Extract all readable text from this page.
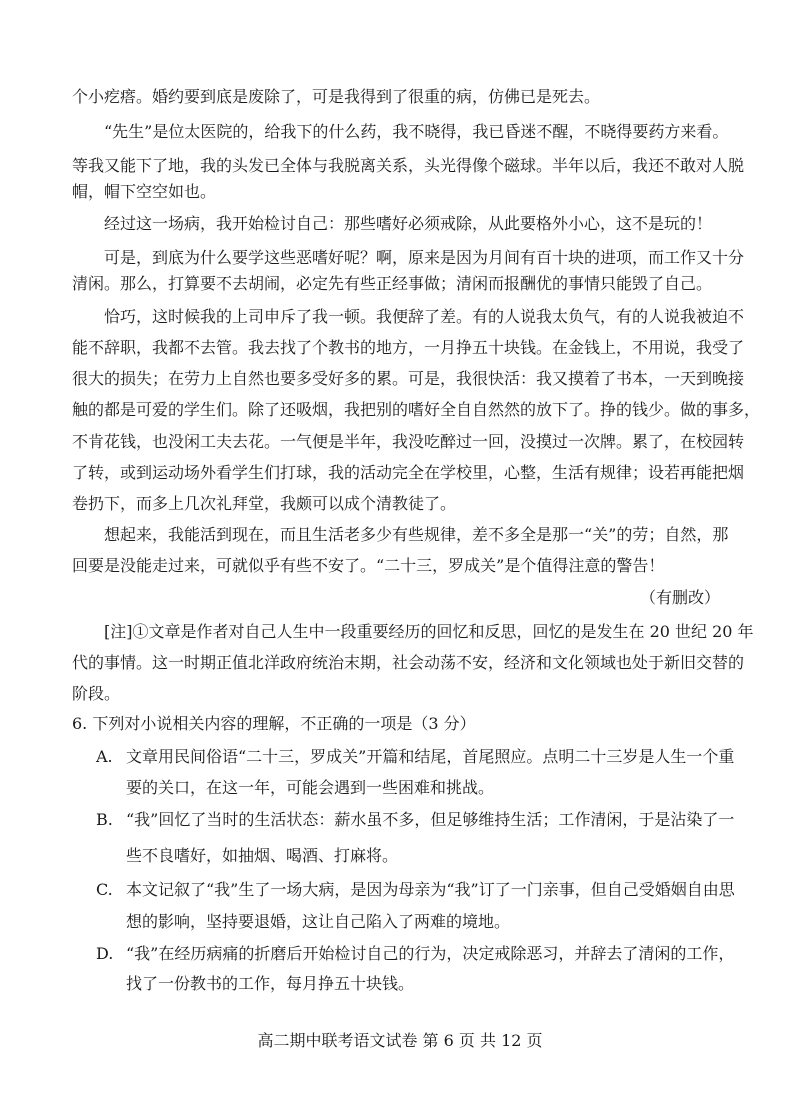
个小疙瘩。婚约要到底是废除了，可是我得到了很重的病，仿佛已是死去。
“先生”是位太医院的，给我下的什么药，我不晓得，我已昏迷不醒，不晓得要药方来看。
等我又能下了地，我的头发已全体与我脱离关系，头光得像个磁球。半年以后，我还不敢对人脱
帽，帽下空空如也。
经过这一场病，我开始检讨自己：那些嗜好必须戒除，从此要格外小心，这不是玩的！
可是，到底为什么要学这些恶嗜好呢？啊，原来是因为月间有百十块的进项，而工作又十分
清闲。那么，打算要不去胡闹，必定先有些正经事做；清闲而报酬优的事情只能毁了自己。
恰巧，这时候我的上司申斥了我一顿。我便辞了差。有的人说我太负气，有的人说我被迫不
能不辞职，我都不去管。我去找了个教书的地方，一月挣五十块钱。在金钱上，不用说，我受了
很大的损失；在劳力上自然也要多受好多的累。可是，我很快活：我又摸着了书本，一天到晚接
触的都是可爱的学生们。除了还吸烟，我把别的嗜好全自自然然的放下了。挣的钱少。做的事多，
不肯花钱，也没闲工夫去花。一气便是半年，我没吃醉过一回，没摸过一次牌。累了，在校园转
了转，或到运动场外看学生们打球，我的活动完全在学校里，心整，生活有规律；设若再能把烟
卷扔下，而多上几次礼拜堂，我颇可以成个清教徒了。
想起来，我能活到现在，而且生活老多少有些规律，差不多全是那一“关”的劳；自然，那
回要是没能走过来，可就似乎有些不安了。“二十三，罗成关”是个值得注意的警告！
（有删改）
[注]①文章是作者对自己人生中一段重要经历的回忆和反思，回忆的是发生在 20 世纪 20 年
代的事情。这一时期正值北洋政府统治末期，社会动荡不安，经济和文化领域也处于新旧交替的
阶段。
6. 下列对小说相关内容的理解，不正确的一项是（3 分）
A. 文章用民间俗语“二十三，罗成关”开篇和结尾，首尾照应。点明二十三岁是人生一个重
要的关口，在这一年，可能会遇到一些困难和挑战。
B. “我”回忆了当时的生活状态：薪水虽不多，但足够维持生活；工作清闲，于是沾染了一
些不良嗜好，如抽烟、喝酒、打麻将。
C. 本文记叙了“我”生了一场大病，是因为母亲为“我”订了一门亲事，但自己受婚姻自由思
想的影响，坚持要退婚，这让自己陷入了两难的境地。
D. “我”在经历病痛的折磨后开始检讨自己的行为，决定戒除恶习，并辞去了清闲的工作，
找了一份教书的工作，每月挣五十块钱。
高二期中联考语文试卷 第 6 页 共 12 页
